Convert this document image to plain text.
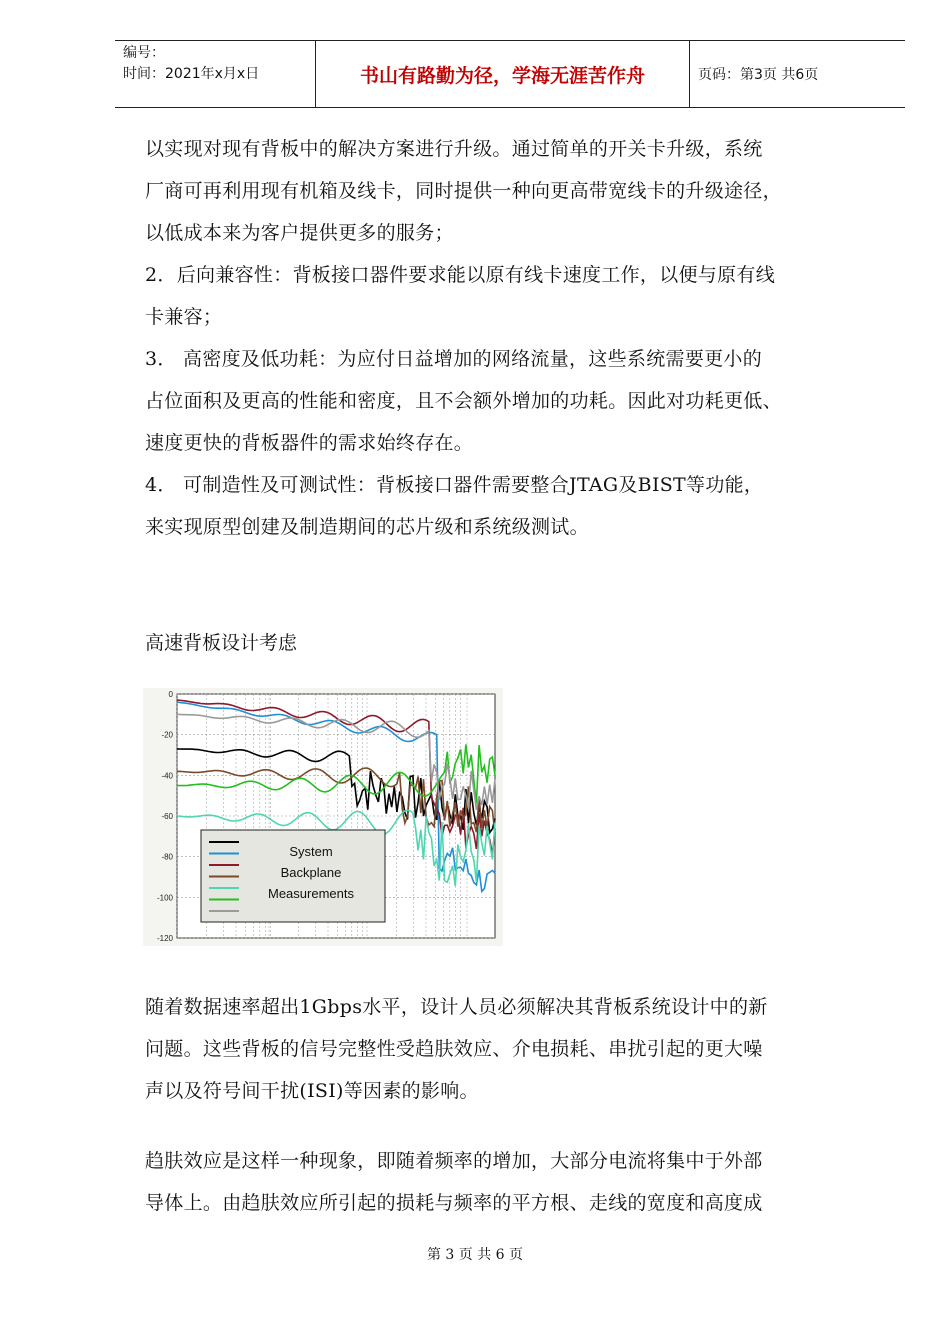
编号：
时间：2021年x月x日	书山有路勤为径，学海无涯苦作舟	页码：第3页 共6页

以实现对现有背板中的解决方案进行升级。通过简单的开关卡升级，系统

厂商可再利用现有机箱及线卡，同时提供一种向更高带宽线卡的升级途径，

以低成本来为客户提供更多的服务；

2．后向兼容性：背板接口器件要求能以原有线卡速度工作，以便与原有线

卡兼容；

3． 高密度及低功耗：为应付日益增加的网络流量，这些系统需要更小的

占位面积及更高的性能和密度，且不会额外增加的功耗。因此对功耗更低、

速度更快的背板器件的需求始终存在。

4． 可制造性及可测试性：背板接口器件需要整合JTAG及BIST等功能，

来实现原型创建及制造期间的芯片级和系统级测试。

高速背板设计考虑
0
-20
-40
-60
-80
-100
-120
System
Backplane
Measurements

随着数据速率超出1Gbps水平，设计人员必须解决其背板系统设计中的新

问题。这些背板的信号完整性受趋肤效应、介电损耗、串扰引起的更大噪

声以及符号间干扰(ISI)等因素的影响。

趋肤效应是这样一种现象，即随着频率的增加，大部分电流将集中于外部

导体上。由趋肤效应所引起的损耗与频率的平方根、走线的宽度和高度成

第 3 页 共 6 页
